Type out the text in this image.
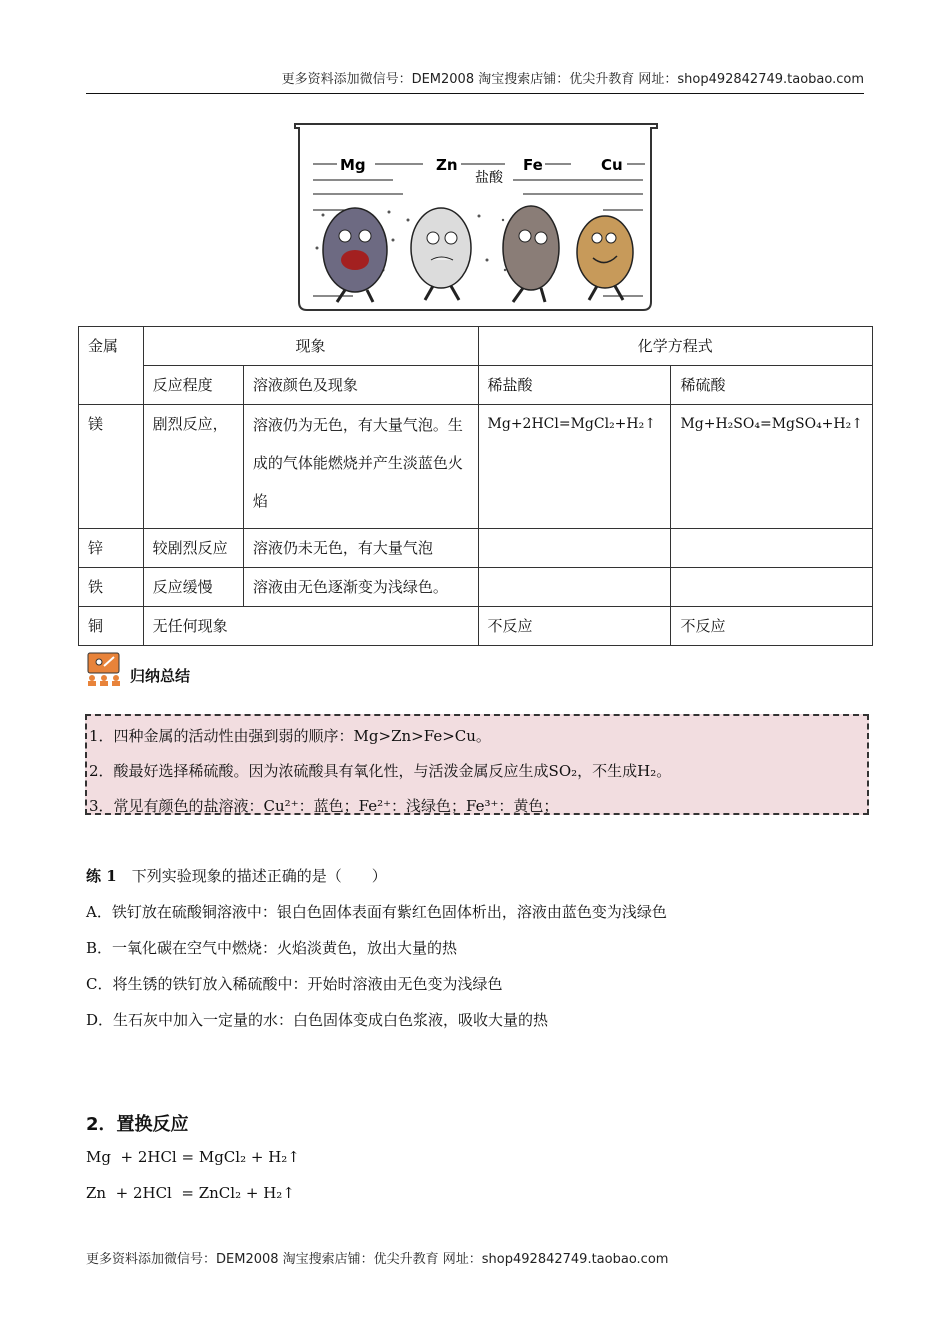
更多资料添加微信号：DEM2008 淘宝搜索店铺：优尖升教育 网址：shop492842749.taobao.com
Mg	Zn	Fe	Cu
盐酸
金属	现象		化学方程式	
	反应程度	溶液颜色及现象	稀盐酸	稀硫酸
镁	剧烈反应，	溶液仍为无色，有大量气泡。生成的气体能燃烧并产生淡蓝色火焰	Mg+2HCl=MgCl₂+H₂↑	Mg+H₂SO₄=MgSO₄+H₂↑
锌	较剧烈反应	溶液仍未无色，有大量气泡		
铁	反应缓慢	溶液由无色逐渐变为浅绿色。		
铜	无任何现象		不反应	不反应
归纳总结
1．四种金属的活动性由强到弱的顺序：Mg>Zn>Fe>Cu。
2．酸最好选择稀硫酸。因为浓硫酸具有氧化性，与活泼金属反应生成SO₂，不生成H₂。
3．常见有颜色的盐溶液：Cu²⁺：蓝色；Fe²⁺：浅绿色；Fe³⁺：黄色；
练 1　 下列实验现象的描述正确的是（　　）
A．铁钉放在硫酸铜溶液中：银白色固体表面有紫红色固体析出，溶液由蓝色变为浅绿色
B．一氧化碳在空气中燃烧：火焰淡黄色，放出大量的热
C．将生锈的铁钉放入稀硫酸中：开始时溶液由无色变为浅绿色
D．生石灰中加入一定量的水：白色固体变成白色浆液，吸收大量的热
2．置换反应
Mg  + 2HCl = MgCl₂ + H₂↑
Zn  + 2HCl  = ZnCl₂ + H₂↑
更多资料添加微信号：DEM2008 淘宝搜索店铺：优尖升教育 网址：shop492842749.taobao.com
